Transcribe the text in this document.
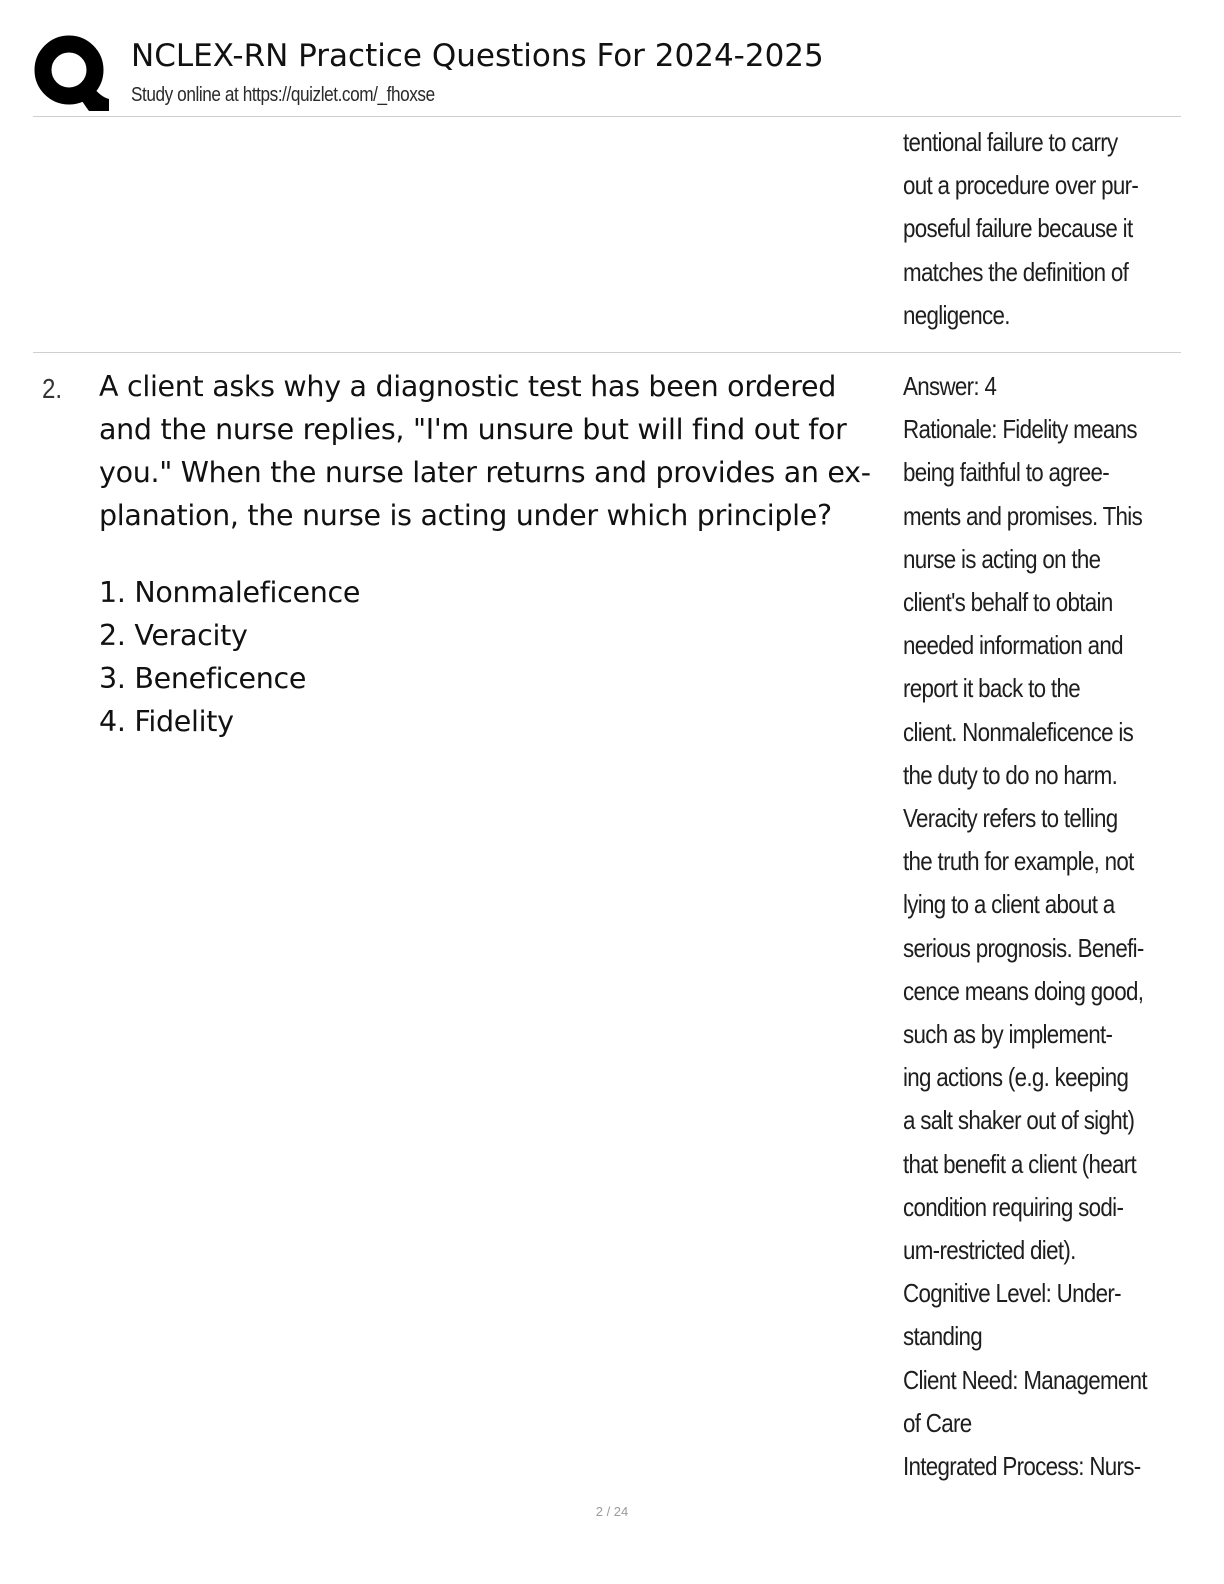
NCLEX-RN Practice Questions For 2024-2025
Study online at https://quizlet.com/_fhoxse
tentional failure to carry
out a procedure over pur-
poseful failure because it
matches the definition of
negligence.
2. A client asks why a diagnostic test has been ordered
and the nurse replies, "I'm unsure but will find out for
you." When the nurse later returns and provides an ex-
planation, the nurse is acting under which principle?
1. Nonmaleficence
2. Veracity
3. Beneficence
4. Fidelity
Answer: 4
Rationale: Fidelity means
being faithful to agree-
ments and promises. This
nurse is acting on the
client's behalf to obtain
needed information and
report it back to the
client. Nonmaleficence is
the duty to do no harm.
Veracity refers to telling
the truth for example, not
lying to a client about a
serious prognosis. Benefi-
cence means doing good,
such as by implement-
ing actions (e.g. keeping
a salt shaker out of sight)
that benefit a client (heart
condition requiring sodi-
um-restricted diet).
Cognitive Level: Under-
standing
Client Need: Management
of Care
Integrated Process: Nurs-
2 / 24
